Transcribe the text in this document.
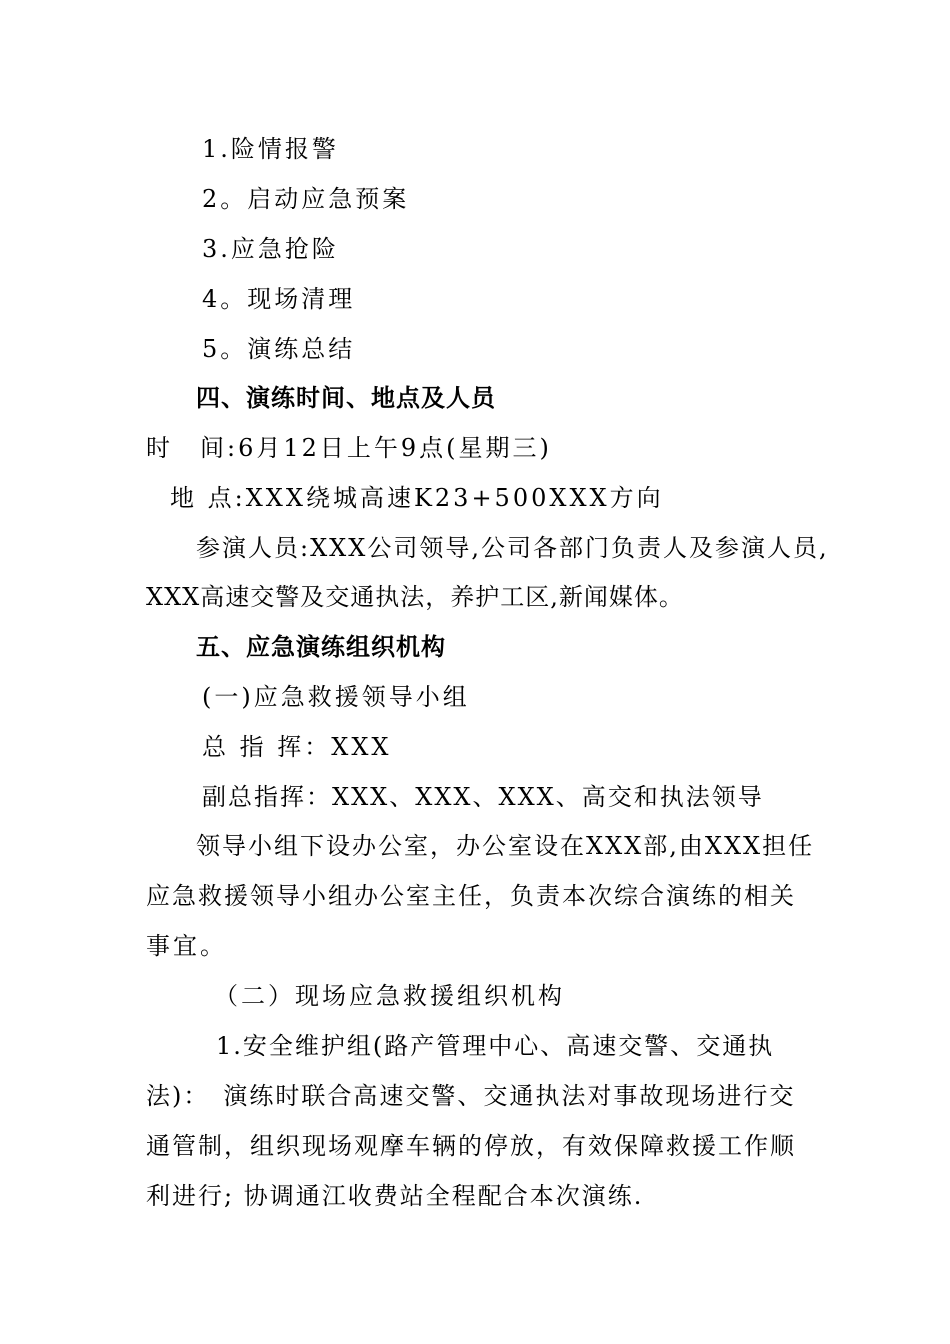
1.险情报警
2。启动应急预案
3.应急抢险
4。现场清理
5。演练总结
四、演练时间、地点及人员
时　间:6月12日上午9点(星期三)
地 点:XXX绕城高速K23+500XXX方向
参演人员:XXX公司领导,公司各部门负责人及参演人员,
XXX高速交警及交通执法，养护工区,新闻媒体。
五、应急演练组织机构
(一)应急救援领导小组
总 指 挥：XXX
副总指挥：XXX、XXX、XXX、高交和执法领导
领导小组下设办公室，办公室设在XXX部,由XXX担任
应急救援领导小组办公室主任，负责本次综合演练的相关
事宜。
（二）现场应急救援组织机构
1.安全维护组(路产管理中心、高速交警、交通执
法)：　演练时联合高速交警、交通执法对事故现场进行交
通管制，组织现场观摩车辆的停放，有效保障救援工作顺
利进行; 协调通江收费站全程配合本次演练.
